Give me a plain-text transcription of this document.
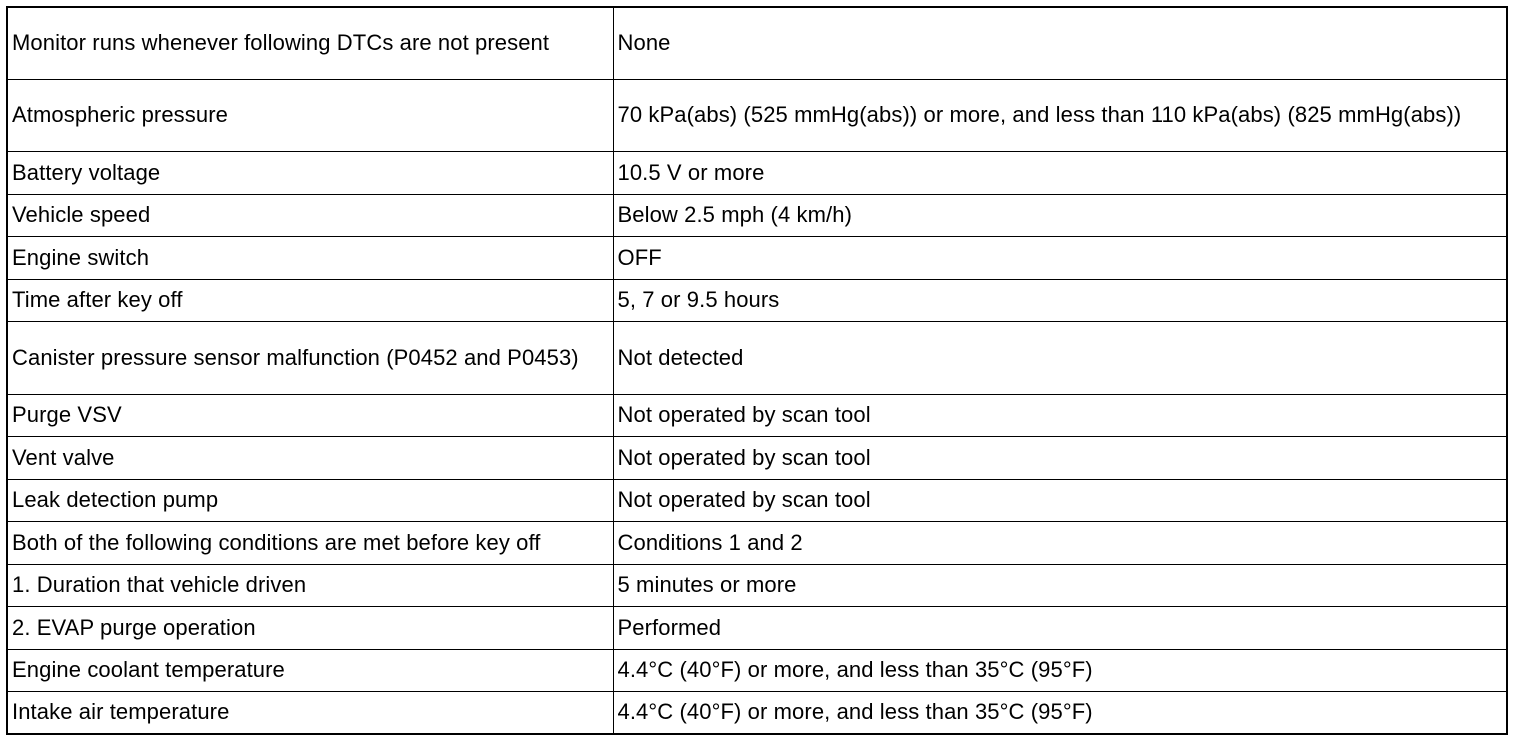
Monitor runs whenever following DTCs are not present	None
Atmospheric pressure	70 kPa(abs) (525 mmHg(abs)) or more, and less than 110 kPa(abs) (825 mmHg(abs))
Battery voltage	10.5 V or more
Vehicle speed	Below 2.5 mph (4 km/h)
Engine switch	OFF
Time after key off	5, 7 or 9.5 hours
Canister pressure sensor malfunction (P0452 and P0453)	Not detected
Purge VSV	Not operated by scan tool
Vent valve	Not operated by scan tool
Leak detection pump	Not operated by scan tool
Both of the following conditions are met before key off	Conditions 1 and 2
1. Duration that vehicle driven	5 minutes or more
2. EVAP purge operation	Performed
Engine coolant temperature	4.4°C (40°F) or more, and less than 35°C (95°F)
Intake air temperature	4.4°C (40°F) or more, and less than 35°C (95°F)
